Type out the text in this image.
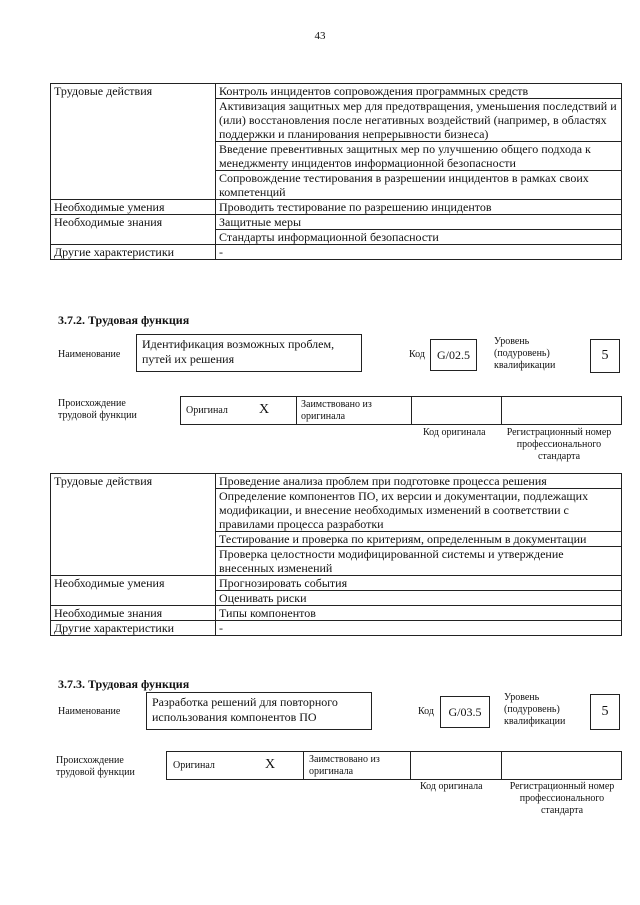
43
Трудовые действия	Контроль инцидентов сопровождения программных средств
Активизация защитных мер для предотвращения, уменьшения последствий и (или) восстановления после негативных воздействий (например, в областях поддержки и планирования непрерывности бизнеса)
Введение превентивных защитных мер по улучшению общего подхода к менеджменту инцидентов информационной безопасности
Сопровождение тестирования в разрешении инцидентов в рамках своих компетенций

Необходимые умения	Проводить тестирование по разрешению инцидентов
Необходимые знания	Защитные меры
Стандарты информационной безопасности

Другие характеристики	-
3.7.2. Трудовая функция
Наименование
Идентификация возможных проблем, путей их решения	Код	G/02.5
Уровень (подуровень) квалификации
5
Происхождение трудовой функции	Оригинал X	Заимствовано из оригинала
Код оригинала	Регистрационный номер профессионального стандарта
Трудовые действия	Проведение анализа проблем при подготовке процесса решения
Определение компонентов ПО, их версии и документации, подлежащих модификации, и внесение необходимых изменений в соответствии с правилами процесса разработки
Тестирование и проверка по критериям, определенным в документации
Проверка целостности модифицированной системы и утверждение внесенных изменений

Необходимые умения	Прогнозировать события
Оценивать риски

Необходимые знания	Типы компонентов
Другие характеристики	-
3.7.3. Трудовая функция
Наименование
Разработка решений для повторного использования компонентов ПО	Код	G/03.5
Уровень (подуровень) квалификации
5
Происхождение трудовой функции
Оригинал	X	Заимствовано из оригинала
Код оригинала	Регистрационный номер профессионального стандарта
